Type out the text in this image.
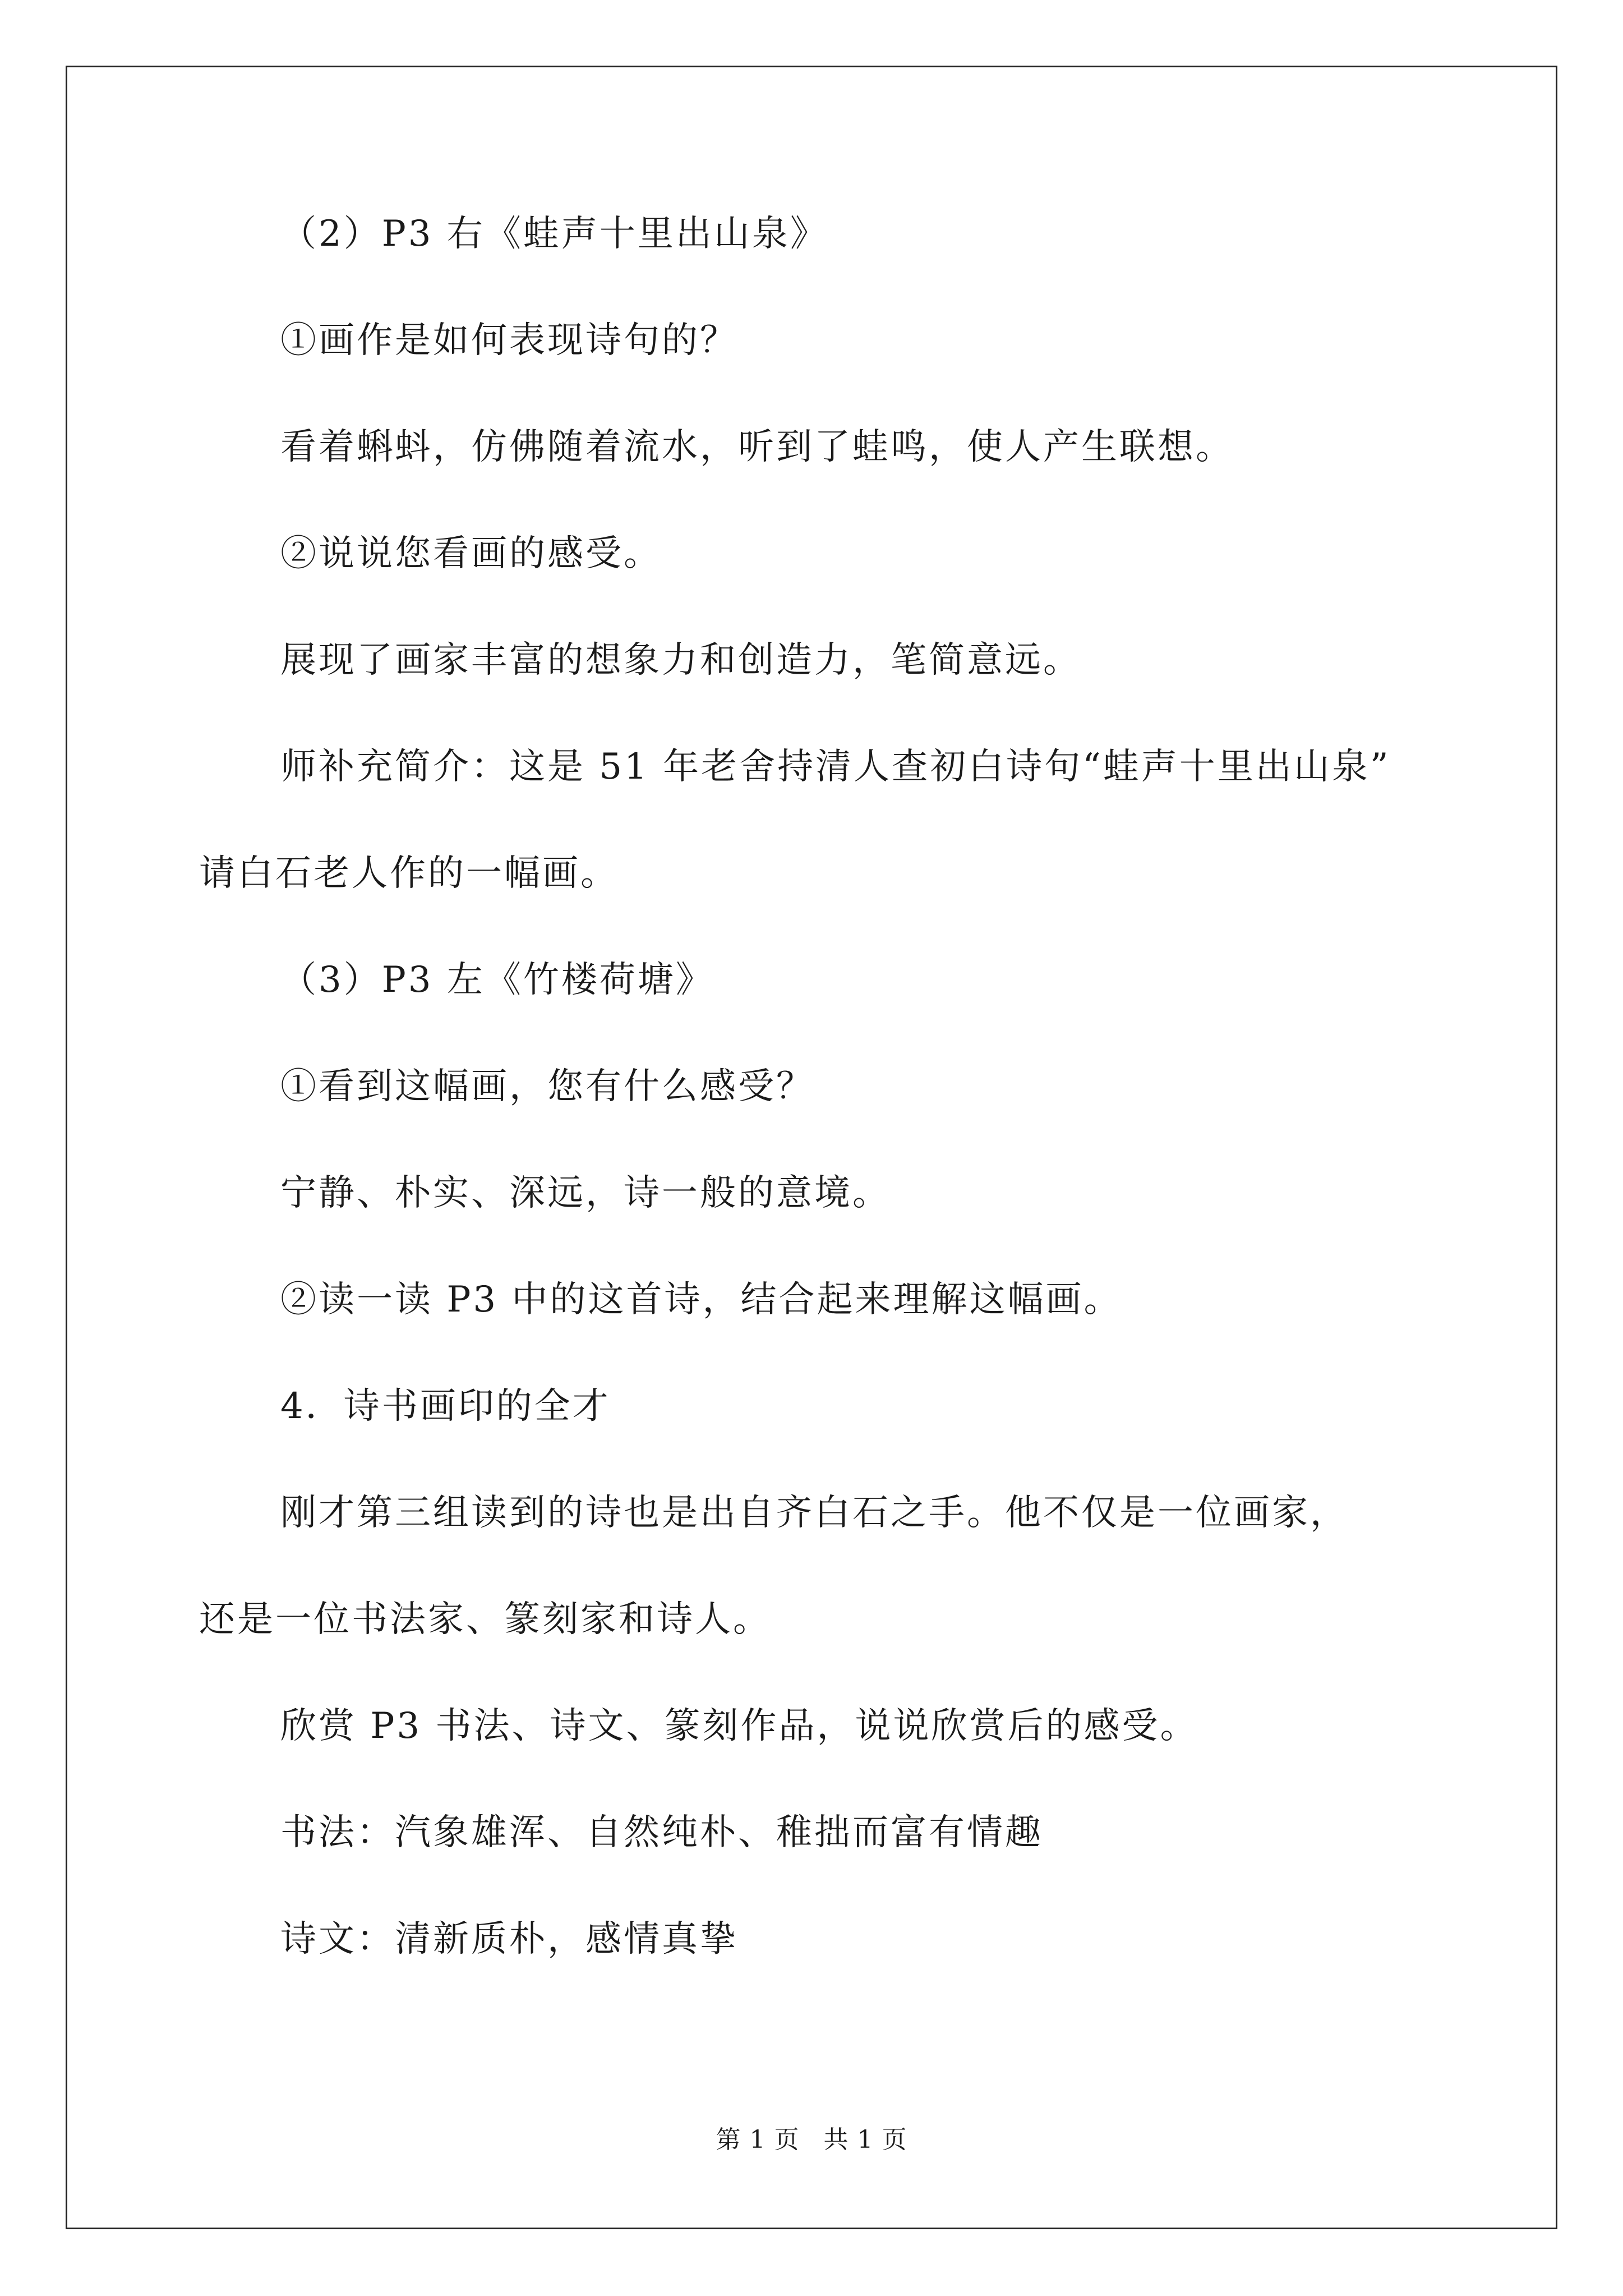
（2）P3 右《蛙声十里出山泉》
①画作是如何表现诗句的？
看着蝌蚪，仿佛随着流水，听到了蛙鸣，使人产生联想。
②说说您看画的感受。
展现了画家丰富的想象力和创造力，笔简意远。
师补充简介：这是 51 年老舍持清人查初白诗句“蛙声十里出山泉”
请白石老人作的一幅画。
（3）P3 左《竹楼荷塘》
①看到这幅画，您有什么感受？
宁静、朴实、深远，诗一般的意境。
②读一读 P3 中的这首诗，结合起来理解这幅画。
4．诗书画印的全才
刚才第三组读到的诗也是出自齐白石之手。他不仅是一位画家，
还是一位书法家、篆刻家和诗人。
欣赏 P3 书法、诗文、篆刻作品，说说欣赏后的感受。
书法：汽象雄浑、自然纯朴、稚拙而富有情趣
诗文：清新质朴，感情真挚
第 1 页 共 1 页
